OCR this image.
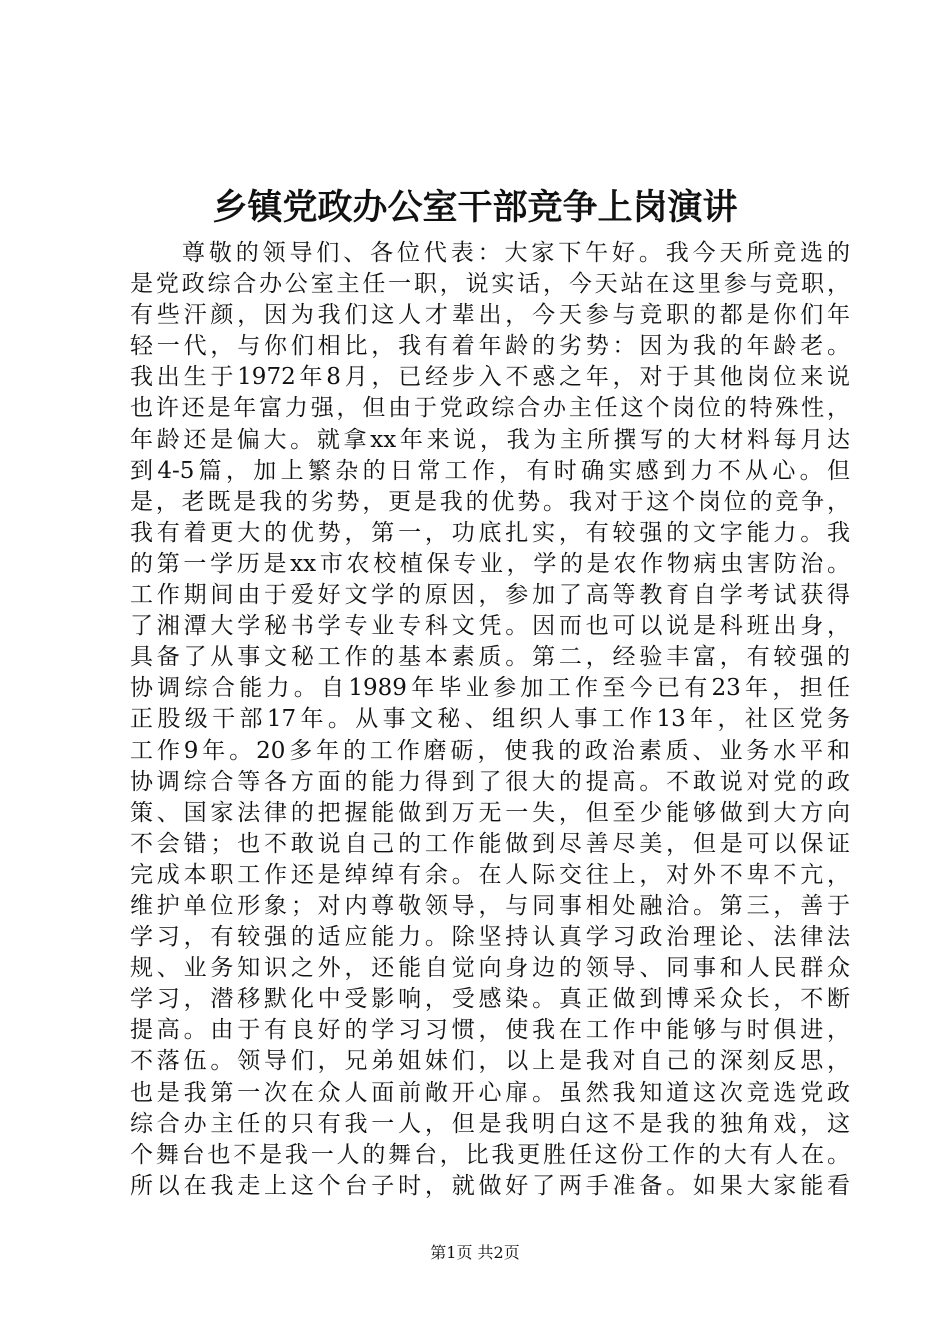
乡镇党政办公室干部竞争上岗演讲
尊敬的领导们、各位代表：大家下午好。我今天所竞选的
是党政综合办公室主任一职，说实话，今天站在这里参与竞职，
有些汗颜，因为我们这人才辈出，今天参与竞职的都是你们年
轻一代，与你们相比，我有着年龄的劣势：因为我的年龄老。
我出生于1972年8月，已经步入不惑之年，对于其他岗位来说
也许还是年富力强，但由于党政综合办主任这个岗位的特殊性，
年龄还是偏大。就拿xx年来说，我为主所撰写的大材料每月达
到4-5篇，加上繁杂的日常工作，有时确实感到力不从心。但
是，老既是我的劣势，更是我的优势。我对于这个岗位的竞争，
我有着更大的优势，第一，功底扎实，有较强的文字能力。我
的第一学历是xx市农校植保专业，学的是农作物病虫害防治。
工作期间由于爱好文学的原因，参加了高等教育自学考试获得
了湘潭大学秘书学专业专科文凭。因而也可以说是科班出身，
具备了从事文秘工作的基本素质。第二，经验丰富，有较强的
协调综合能力。自1989年毕业参加工作至今已有23年，担任
正股级干部17年。从事文秘、组织人事工作13年，社区党务
工作9年。20多年的工作磨砺，使我的政治素质、业务水平和
协调综合等各方面的能力得到了很大的提高。不敢说对党的政
策、国家法律的把握能做到万无一失，但至少能够做到大方向
不会错；也不敢说自己的工作能做到尽善尽美，但是可以保证
完成本职工作还是绰绰有余。在人际交往上，对外不卑不亢，
维护单位形象；对内尊敬领导，与同事相处融洽。第三，善于
学习，有较强的适应能力。除坚持认真学习政治理论、法律法
规、业务知识之外，还能自觉向身边的领导、同事和人民群众
学习，潜移默化中受影响，受感染。真正做到博采众长，不断
提高。由于有良好的学习习惯，使我在工作中能够与时俱进，
不落伍。领导们，兄弟姐妹们，以上是我对自己的深刻反思，
也是我第一次在众人面前敞开心扉。虽然我知道这次竞选党政
综合办主任的只有我一人，但是我明白这不是我的独角戏，这
个舞台也不是我一人的舞台，比我更胜任这份工作的大有人在。
所以在我走上这个台子时，就做好了两手准备。如果大家能看
第1页 共2页
